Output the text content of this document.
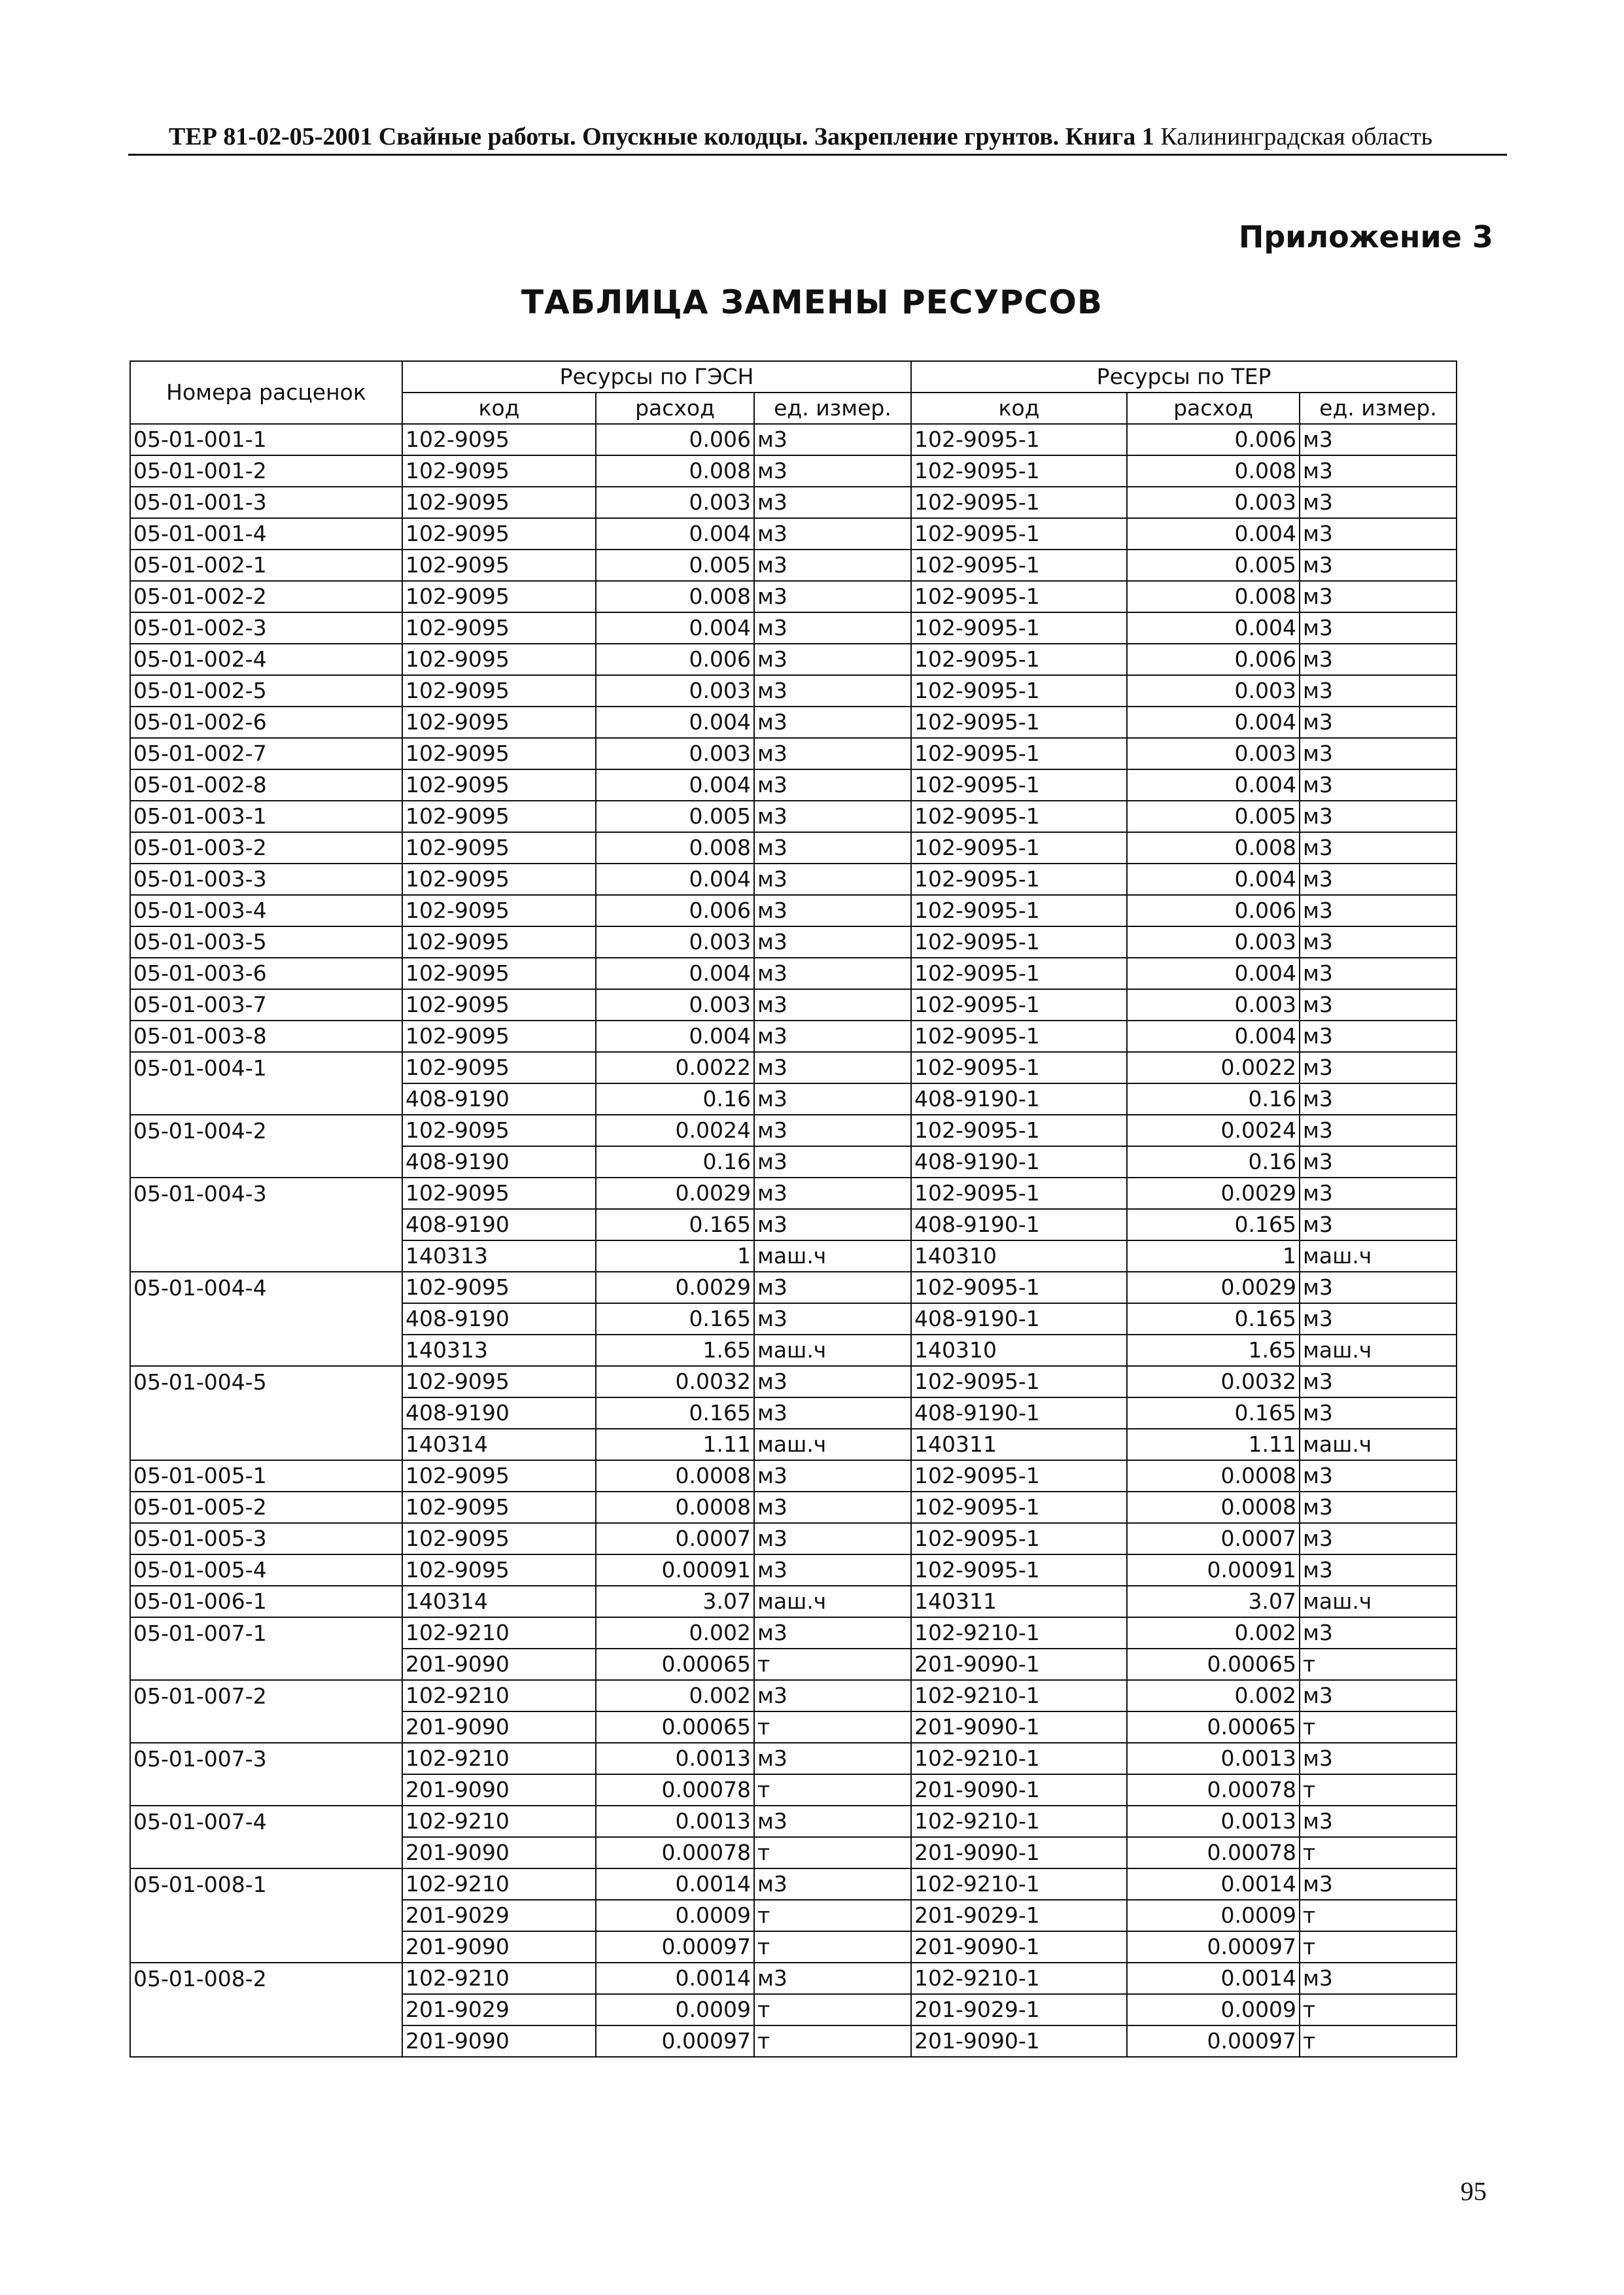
ТЕР 81-02-05-2001 Свайные работы. Опускные колодцы. Закрепление грунтов. Книга 1 Калининградская область
Приложение 3
ТАБЛИЦА ЗАМЕНЫ РЕСУРСОВ
Номера расценок	Ресурсы по ГЭСН			Ресурсы по ТЕР		
	код	расход	ед. измер.	код	расход	ед. измер.
05-01-001-1	102-9095	0.006	м3	102-9095-1	0.006	м3
05-01-001-2	102-9095	0.008	м3	102-9095-1	0.008	м3
05-01-001-3	102-9095	0.003	м3	102-9095-1	0.003	м3
05-01-001-4	102-9095	0.004	м3	102-9095-1	0.004	м3
05-01-002-1	102-9095	0.005	м3	102-9095-1	0.005	м3
05-01-002-2	102-9095	0.008	м3	102-9095-1	0.008	м3
05-01-002-3	102-9095	0.004	м3	102-9095-1	0.004	м3
05-01-002-4	102-9095	0.006	м3	102-9095-1	0.006	м3
05-01-002-5	102-9095	0.003	м3	102-9095-1	0.003	м3
05-01-002-6	102-9095	0.004	м3	102-9095-1	0.004	м3
05-01-002-7	102-9095	0.003	м3	102-9095-1	0.003	м3
05-01-002-8	102-9095	0.004	м3	102-9095-1	0.004	м3
05-01-003-1	102-9095	0.005	м3	102-9095-1	0.005	м3
05-01-003-2	102-9095	0.008	м3	102-9095-1	0.008	м3
05-01-003-3	102-9095	0.004	м3	102-9095-1	0.004	м3
05-01-003-4	102-9095	0.006	м3	102-9095-1	0.006	м3
05-01-003-5	102-9095	0.003	м3	102-9095-1	0.003	м3
05-01-003-6	102-9095	0.004	м3	102-9095-1	0.004	м3
05-01-003-7	102-9095	0.003	м3	102-9095-1	0.003	м3
05-01-003-8	102-9095	0.004	м3	102-9095-1	0.004	м3
05-01-004-1	102-9095	0.0022	м3	102-9095-1	0.0022	м3
	408-9190	0.16	м3	408-9190-1	0.16	м3
05-01-004-2	102-9095	0.0024	м3	102-9095-1	0.0024	м3
	408-9190	0.16	м3	408-9190-1	0.16	м3
05-01-004-3	102-9095	0.0029	м3	102-9095-1	0.0029	м3
	408-9190	0.165	м3	408-9190-1	0.165	м3
	140313	1	маш.ч	140310	1	маш.ч
05-01-004-4	102-9095	0.0029	м3	102-9095-1	0.0029	м3
	408-9190	0.165	м3	408-9190-1	0.165	м3
	140313	1.65	маш.ч	140310	1.65	маш.ч
05-01-004-5	102-9095	0.0032	м3	102-9095-1	0.0032	м3
	408-9190	0.165	м3	408-9190-1	0.165	м3
	140314	1.11	маш.ч	140311	1.11	маш.ч
05-01-005-1	102-9095	0.0008	м3	102-9095-1	0.0008	м3
05-01-005-2	102-9095	0.0008	м3	102-9095-1	0.0008	м3
05-01-005-3	102-9095	0.0007	м3	102-9095-1	0.0007	м3
05-01-005-4	102-9095	0.00091	м3	102-9095-1	0.00091	м3
05-01-006-1	140314	3.07	маш.ч	140311	3.07	маш.ч
05-01-007-1	102-9210	0.002	м3	102-9210-1	0.002	м3
	201-9090	0.00065	т	201-9090-1	0.00065	т
05-01-007-2	102-9210	0.002	м3	102-9210-1	0.002	м3
	201-9090	0.00065	т	201-9090-1	0.00065	т
05-01-007-3	102-9210	0.0013	м3	102-9210-1	0.0013	м3
	201-9090	0.00078	т	201-9090-1	0.00078	т
05-01-007-4	102-9210	0.0013	м3	102-9210-1	0.0013	м3
	201-9090	0.00078	т	201-9090-1	0.00078	т
05-01-008-1	102-9210	0.0014	м3	102-9210-1	0.0014	м3
	201-9029	0.0009	т	201-9029-1	0.0009	т
	201-9090	0.00097	т	201-9090-1	0.00097	т
05-01-008-2	102-9210	0.0014	м3	102-9210-1	0.0014	м3
	201-9029	0.0009	т	201-9029-1	0.0009	т
	201-9090	0.00097	т	201-9090-1	0.00097	т
95
